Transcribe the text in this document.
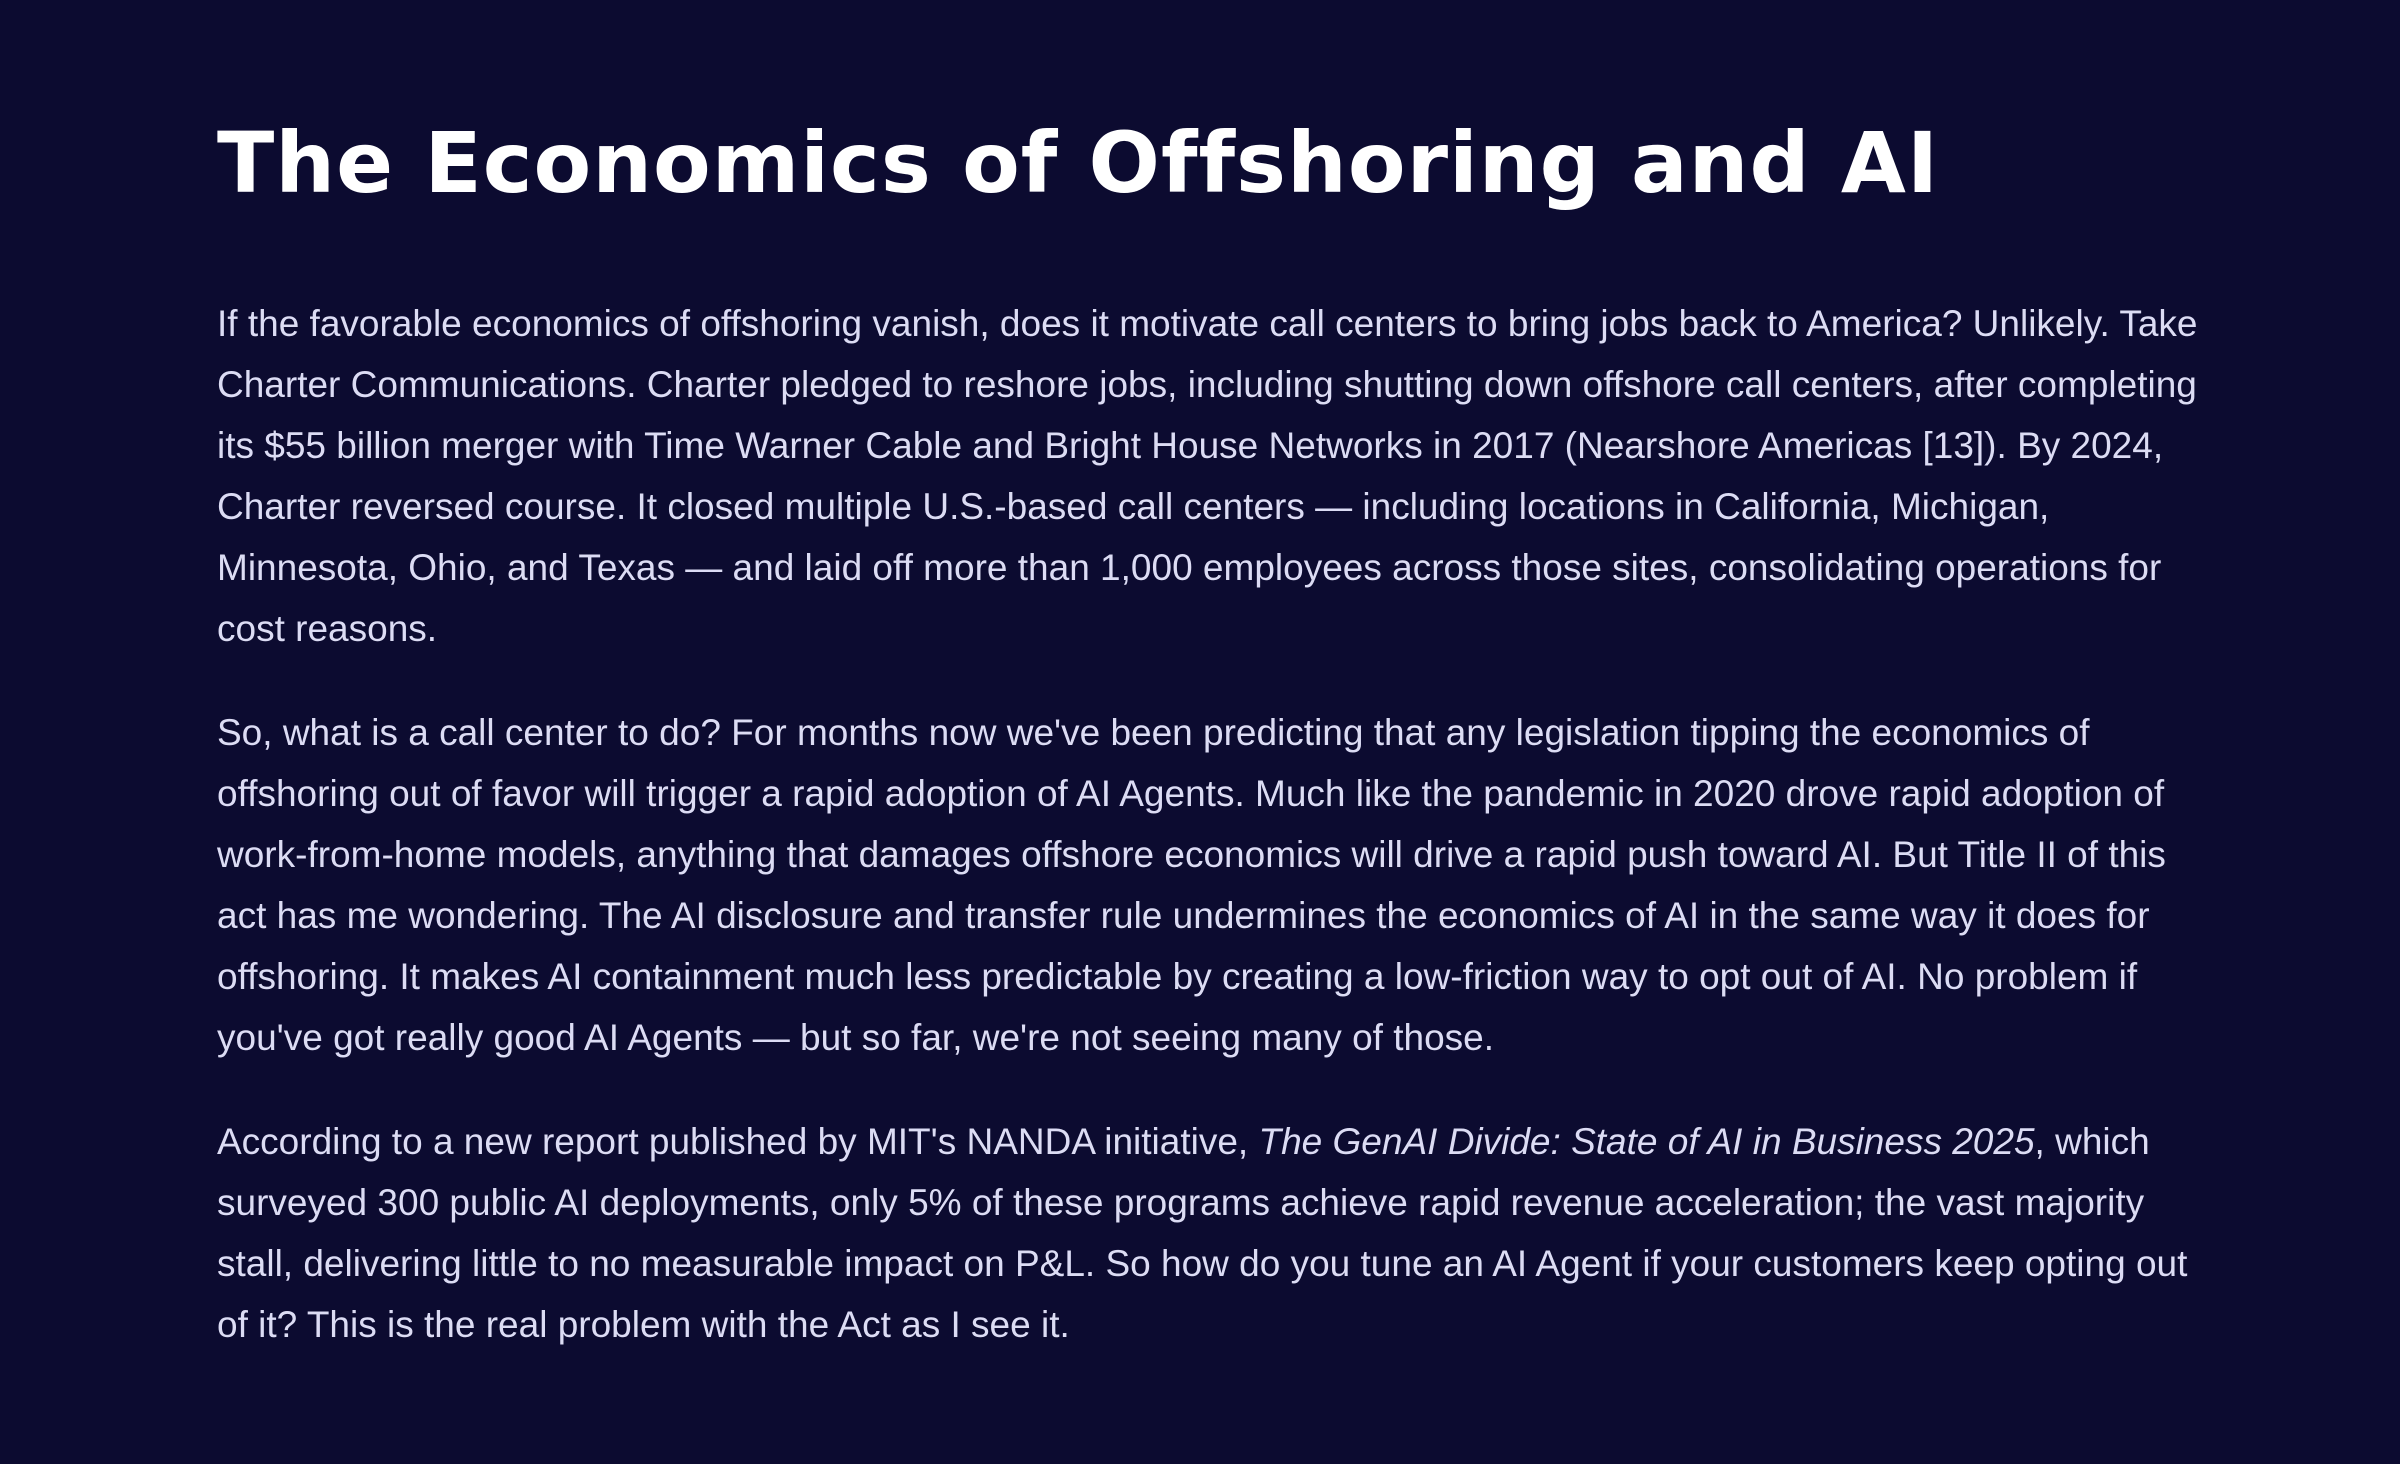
The Economics of Offshoring and AI

If the favorable economics of offshoring vanish, does it motivate call centers to bring jobs back to America? Unlikely. Take Charter Communications. Charter pledged to reshore jobs, including shutting down offshore call centers, after completing its $55 billion merger with Time Warner Cable and Bright House Networks in 2017 (Nearshore Americas [13]). By 2024, Charter reversed course. It closed multiple U.S.-based call centers — including locations in California, Michigan, Minnesota, Ohio, and Texas — and laid off more than 1,000 employees across those sites, consolidating operations for cost reasons.

So, what is a call center to do? For months now we've been predicting that any legislation tipping the economics of offshoring out of favor will trigger a rapid adoption of AI Agents. Much like the pandemic in 2020 drove rapid adoption of work-from-home models, anything that damages offshore economics will drive a rapid push toward AI. But Title II of this act has me wondering. The AI disclosure and transfer rule undermines the economics of AI in the same way it does for offshoring. It makes AI containment much less predictable by creating a low-friction way to opt out of AI. No problem if you've got really good AI Agents — but so far, we're not seeing many of those.

According to a new report published by MIT's NANDA initiative, The GenAI Divide: State of AI in Business 2025, which surveyed 300 public AI deployments, only 5% of these programs achieve rapid revenue acceleration; the vast majority stall, delivering little to no measurable impact on P&L. So how do you tune an AI Agent if your customers keep opting out of it? This is the real problem with the Act as I see it.
